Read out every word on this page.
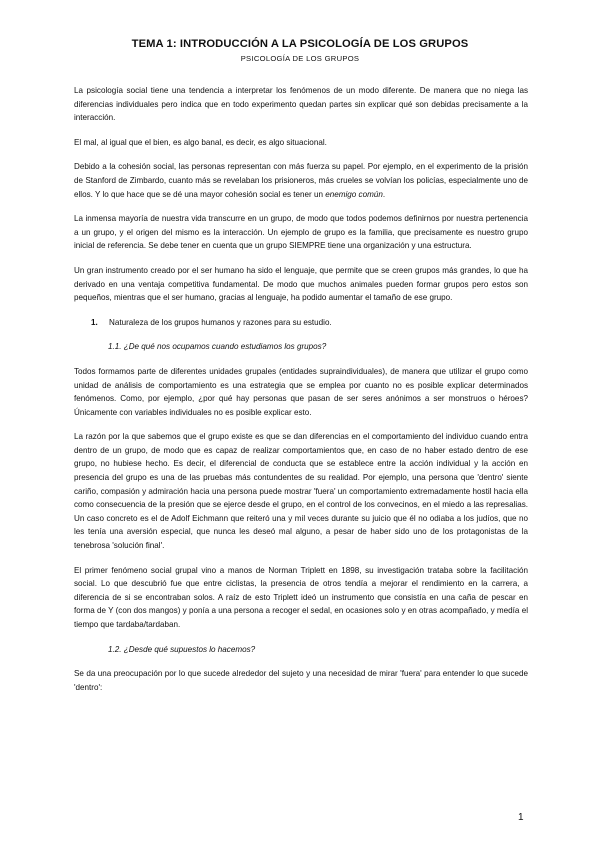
TEMA 1: INTRODUCCIÓN A LA PSICOLOGÍA DE LOS GRUPOS
PSICOLOGÍA DE LOS GRUPOS

La psicología social tiene una tendencia a interpretar los fenómenos de un modo diferente. De manera que no niega las diferencias individuales pero indica que en todo experimento quedan partes sin explicar qué son debidas precisamente a la interacción.

El mal, al igual que el bien, es algo banal, es decir, es algo situacional.

Debido a la cohesión social, las personas representan con más fuerza su papel. Por ejemplo, en el experimento de la prisión de Stanford de Zimbardo, cuanto más se revelaban los prisioneros, más crueles se volvían los policías, especialmente uno de ellos. Y lo que hace que se dé una mayor cohesión social es tener un enemigo común.

La inmensa mayoría de nuestra vida transcurre en un grupo, de modo que todos podemos definirnos por nuestra pertenencia a un grupo, y el origen del mismo es la interacción. Un ejemplo de grupo es la familia, que precisamente es nuestro grupo inicial de referencia. Se debe tener en cuenta que un grupo SIEMPRE tiene una organización y una estructura.

Un gran instrumento creado por el ser humano ha sido el lenguaje, que permite que se creen grupos más grandes, lo que ha derivado en una ventaja competitiva fundamental. De modo que muchos animales pueden formar grupos pero estos son pequeños, mientras que el ser humano, gracias al lenguaje, ha podido aumentar el tamaño de ese grupo.

1.	Naturaleza de los grupos humanos y razones para su estudio.
1.1. ¿De qué nos ocupamos cuando estudiamos los grupos?

Todos formamos parte de diferentes unidades grupales (entidades supraindividuales), de manera que utilizar el grupo como unidad de análisis de comportamiento es una estrategia que se emplea por cuanto no es posible explicar determinados fenómenos. Como, por ejemplo, ¿por qué hay personas que pasan de ser seres anónimos a ser monstruos o héroes? Únicamente con variables individuales no es posible explicar esto.

La razón por la que sabemos que el grupo existe es que se dan diferencias en el comportamiento del individuo cuando entra dentro de un grupo, de modo que es capaz de realizar comportamientos que, en caso de no haber estado dentro de ese grupo, no hubiese hecho. Es decir, el diferencial de conducta que se establece entre la acción individual y la acción en presencia del grupo es una de las pruebas más contundentes de su realidad. Por ejemplo, una persona que 'dentro' siente cariño, compasión y admiración hacia una persona puede mostrar 'fuera' un comportamiento extremadamente hostil hacia ella como consecuencia de la presión que se ejerce desde el grupo, en el control de los convecinos, en el miedo a las represalias. Un caso concreto es el de Adolf Eichmann que reiteró una y mil veces durante su juicio que él no odiaba a los judíos, que no les tenía una aversión especial, que nunca les deseó mal alguno, a pesar de haber sido uno de los protagonistas de la tenebrosa 'solución final'.

El primer fenómeno social grupal vino a manos de Norman Triplett en 1898, su investigación trataba sobre la facilitación social. Lo que descubrió fue que entre ciclistas, la presencia de otros tendía a mejorar el rendimiento en la carrera, a diferencia de si se encontraban solos. A raíz de esto Triplett ideó un instrumento que consistía en una caña de pescar en forma de Y (con dos mangos) y ponía a una persona a recoger el sedal, en ocasiones solo y en otras acompañado, y medía el tiempo que tardaba/tardaban.

1.2. ¿Desde qué supuestos lo hacemos?

Se da una preocupación por lo que sucede alrededor del sujeto y una necesidad de mirar 'fuera' para entender lo que sucede 'dentro':

1
